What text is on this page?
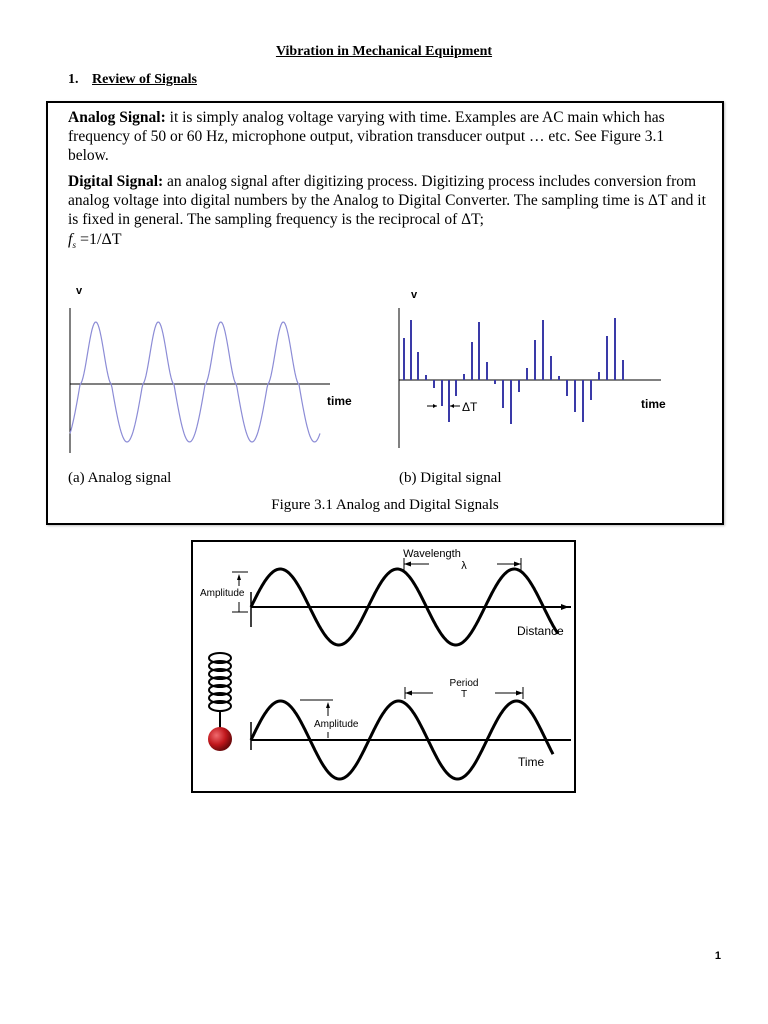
Vibration in Mechanical Equipment
1. Review of Signals
Analog Signal: it is simply analog voltage varying with time. Examples are AC main which has frequency of 50 or 60 Hz, microphone output, vibration transducer output … etc. See Figure 3.1 below.
Digital Signal: an analog signal after digitizing process. Digitizing process includes conversion from analog voltage into digital numbers by the Analog to Digital Converter. The sampling time is ΔT and it is fixed in general. The sampling frequency is the reciprocal of ΔT;
$f_s =1/\Delta T$
v
time
v
time
ΔT
(a) Analog signal	(b) Digital signal
Figure 3.1 Analog and Digital Signals
Wavelength
λ
Amplitude
Distance
Period
T
Amplitude
Time
1
